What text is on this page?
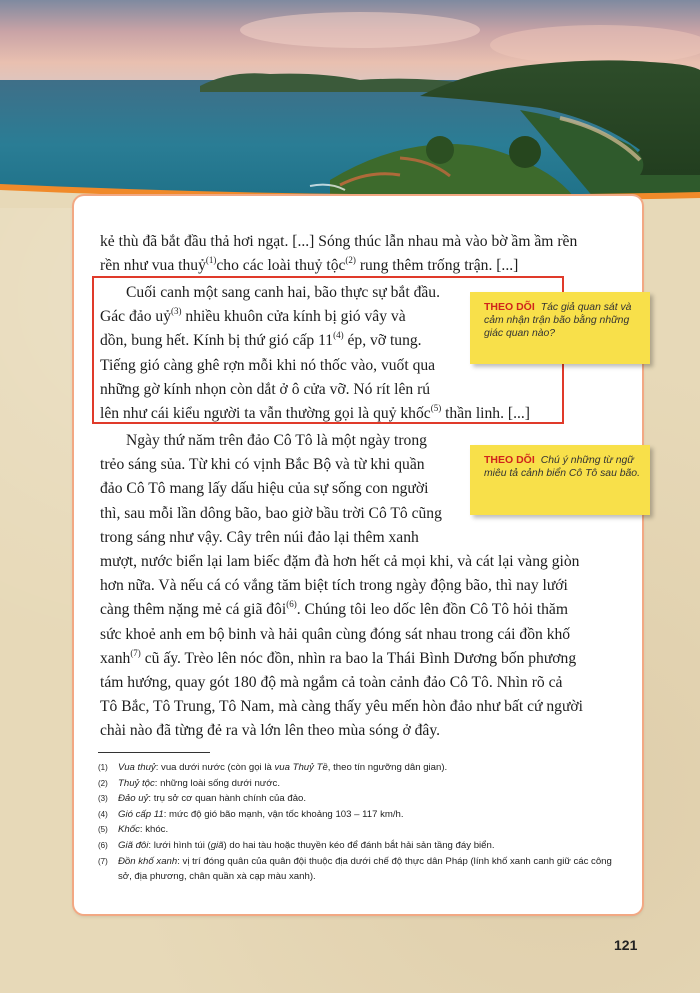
kẻ thù đã bắt đầu thả hơi ngạt. [...] Sóng thúc lẫn nhau mà vào bờ ầm ầm rền

rền như vua thuỷ$^{(1)}$cho các loài thuỷ tộc$^{(2)}$ rung thêm trống trận. [...]

Cuối canh một sang canh hai, bão thực sự bắt đầu.

Gác đảo uỷ$^{(3)}$ nhiều khuôn cửa kính bị gió vây và

dồn, bung hết. Kính bị thứ gió cấp 11$^{(4)}$ ép, vỡ tung.

Tiếng gió càng ghê rợn mỗi khi nó thốc vào, vuốt qua

những gờ kính nhọn còn dắt ở ô cửa vỡ. Nó rít lên rú

lên như cái kiểu người ta vẫn thường gọi là quỷ khốc$^{(5)}$ thần linh. [...]

Ngày thứ năm trên đảo Cô Tô là một ngày trong

trẻo sáng sủa. Từ khi có vịnh Bắc Bộ và từ khi quần

đảo Cô Tô mang lấy dấu hiệu của sự sống con người

thì, sau mỗi lần dông bão, bao giờ bầu trời Cô Tô cũng

trong sáng như vậy. Cây trên núi đảo lại thêm xanh

mượt, nước biển lại lam biếc đặm đà hơn hết cả mọi khi, và cát lại vàng giòn

hơn nữa. Và nếu cá có vắng tăm biệt tích trong ngày động bão, thì nay lưới

càng thêm nặng mẻ cá giã đôi$^{(6)}$. Chúng tôi leo dốc lên đồn Cô Tô hỏi thăm

sức khoẻ anh em bộ binh và hải quân cùng đóng sát nhau trong cái đồn khố

xanh$^{(7)}$ cũ ấy. Trèo lên nóc đồn, nhìn ra bao la Thái Bình Dương bốn phương

tám hướng, quay gót 180 độ mà ngắm cả toàn cảnh đảo Cô Tô. Nhìn rõ cả

Tô Bắc, Tô Trung, Tô Nam, mà càng thấy yêu mến hòn đảo như bất cứ người

chài nào đã từng đẻ ra và lớn lên theo mùa sóng ở đây.

THEO DÕI Tác giả quan sát và cảm nhận trận bão bằng những giác quan nào?
THEO DÕI Chú ý những từ ngữ miêu tả cảnh biển Cô Tô sau bão.
(1)	Vua thuỷ: vua dưới nước (còn gọi là vua Thuỷ Tề, theo tín ngưỡng dân gian).
(2)	Thuỷ tộc: những loài sống dưới nước.
(3)	Đảo uỷ: trụ sở cơ quan hành chính của đảo.
(4)	Gió cấp 11: mức độ gió bão mạnh, vận tốc khoảng 103 – 117 km/h.
(5)	Khốc: khóc.
(6)	Giã đôi: lưới hình túi (giã) do hai tàu hoặc thuyền kéo để đánh bắt hải sản tầng đáy biển.
(7)	Đồn khố xanh: vị trí đóng quân của quân đội thuộc địa dưới chế độ thực dân Pháp (lính khố xanh canh giữ các công sở, địa phương, chân quần xà cạp màu xanh).
121
